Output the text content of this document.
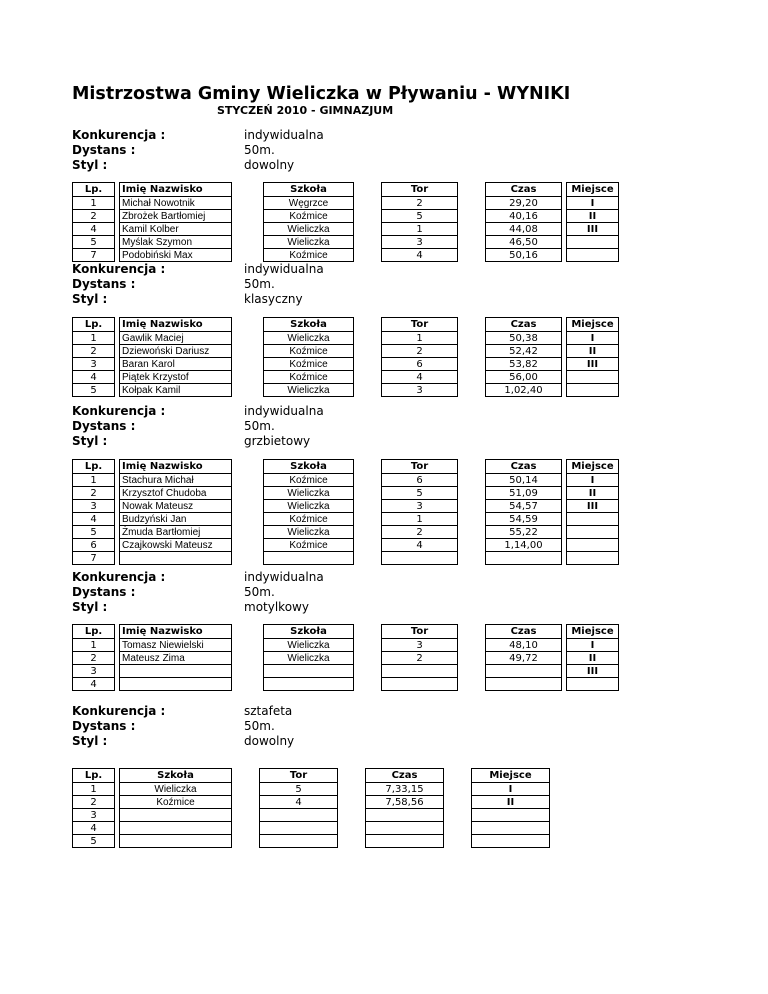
Mistrzostwa Gminy Wieliczka w Pływaniu - WYNIKI
STYCZEŃ 2010 - GIMNAZJUM
Konkurencja :	indywidualna
Dystans :	50m.
Styl :	dowolny
Lp.		Imię Nazwisko		Szkoła		Tor		Czas		Miejsce
1		Michał Nowotnik		Węgrzce		2		29,20		I
2		Zbrożek Bartłomiej		Koźmice		5		40,16		II
4		Kamil Kolber		Wieliczka		1		44,08		III
5		Myślak Szymon		Wieliczka		3		46,50		
7		Podobiński Max		Koźmice		4		50,16		
Konkurencja :	indywidualna
Dystans :	50m.
Styl :	klasyczny
Lp.		Imię Nazwisko		Szkoła		Tor		Czas		Miejsce
1		Gawlik Maciej		Wieliczka		1		50,38		I
2		Dziewoński Dariusz		Koźmice		2		52,42		II
3		Baran Karol		Koźmice		6		53,82		III
4		Piątek Krzystof		Koźmice		4		56,00		
5		Kołpak Kamil		Wieliczka		3		1,02,40		
Konkurencja :	indywidualna
Dystans :	50m.
Styl :	grzbietowy
Lp.		Imię Nazwisko		Szkoła		Tor		Czas		Miejsce
1		Stachura Michał		Koźmice		6		50,14		I
2		Krzysztof Chudoba		Wieliczka		5		51,09		II
3		Nowak Mateusz		Wieliczka		3		54,57		III
4		Budzyński Jan		Koźmice		1		54,59		
5		Żmuda Bartłomiej		Wieliczka		2		55,22		
6		Czajkowski Mateusz		Koźmice		4		1,14,00		
7										
Konkurencja :	indywidualna
Dystans :	50m.
Styl :	motylkowy
Lp.		Imię Nazwisko		Szkoła		Tor		Czas		Miejsce
1		Tomasz Niewielski		Wieliczka		3		48,10		I
2		Mateusz Zima		Wieliczka		2		49,72		II
3										III
4										
Konkurencja :	sztafeta
Dystans :	50m.
Styl :	dowolny
Lp.		Szkoła		Tor		Czas		Miejsce
1		Wieliczka		5		7,33,15		I
2		Koźmice		4		7,58,56		II
3								
4								
5								
